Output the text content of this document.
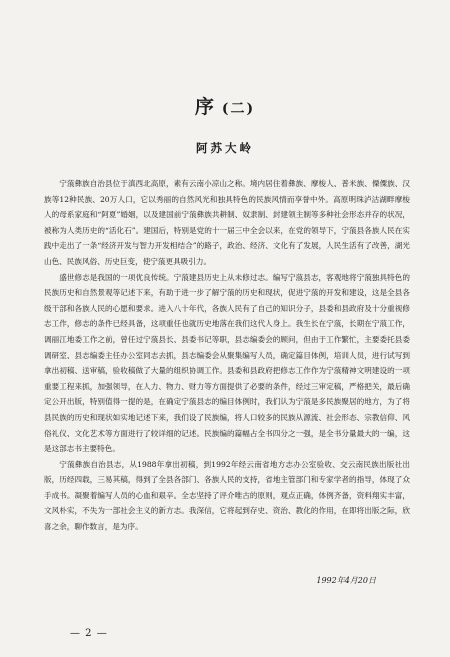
序 (二)
阿苏大岭

宁蒗彝族自治县位于滇西北高原，素有云南小凉山之称。境内居住着彝族、摩梭人、普米族、傈僳族、汉族等12种民族、20万人口，它以秀丽的自然风光和独具特色的民族风情而享誉中外。高原明珠泸沽湖畔摩梭人的母系家庭和“阿夏”婚姻，以及建国前宁蒗彝族共耕制、奴隶制、封建领主制等多种社会形态并存的状况，被称为人类历史的“活化石”。建国后，特别是党的十一届三中全会以来，在党的领导下，宁蒗县各族人民在实践中走出了一条“经济开发与智力开发相结合”的路子，政治、经济、文化有了发展，人民生活有了改善，湖光山色、民族风俗、历史巨变，使宁蒗更具吸引力。

盛世修志是我国的一项优良传统。宁蒗建县历史上从未修过志。编写宁蒗县志，客观地将宁蒗独具特色的民族历史和自然景观等记述下来，有助于进一步了解宁蒗的历史和现状，促进宁蒗的开发和建设，这是全县各级干部和各族人民的心愿和要求。进入八十年代，各族人民有了自己的知识分子，县委和县政府及十分重视修志工作，修志的条件已经具备，这项重任也就历史地落在我们这代人身上。我生长在宁蒗，长期在宁蒗工作，调丽江地委工作之前，曾任过宁蒗县长、县委书记等职，县志编委会的顾问，但由于工作繁忙，主要委托县委调研室、县志编委主任办公室同志去抓，县志编委会从聚集编写人员，确定篇目体例，培训人员，进行试写到拿出初稿、送审稿，验收稿做了大量的组织协调工作。县委和县政府把修志工作作为宁蒗精神文明建设的一项重要工程来抓，加强领导，在人力、物力、财力等方面提供了必要的条件，经过三审定稿，严格把关，最后确定公开出版，特别值得一提的是，在确定宁蒗县志的编目体例时，我们认为宁蒗是多民族聚居的地方，为了将县民族的历史和现状如实地记述下来，我们设了民族编，将人口较多的民族从源流、社会形态、宗教信仰、风俗礼仪、文化艺术等方面进行了较详细的记述。民族编的篇幅占全书四分之一强，是全书分量最大的一编，这是这部志书主要特色。

宁蒗彝族自治县志，从1988年拿出初稿，到1992年经云南省地方志办公室验收、交云南民族出版社出版，历经四载，三易其稿，得到了全县各部门、各族人民的支持，省地主管部门和专家学者的指导，体现了众手成书。凝聚着编写人员的心血和艰辛。全志坚持了评介唯古的原则，观点正确，体例齐备，资料翔实丰富，文风朴实，不失为一部社会主义的新方志。我深信，它将起到存史、资治、教化的作用，在即将出版之际，欣喜之余，聊作数言，是为序。

1992年4月20日
— 2 —
